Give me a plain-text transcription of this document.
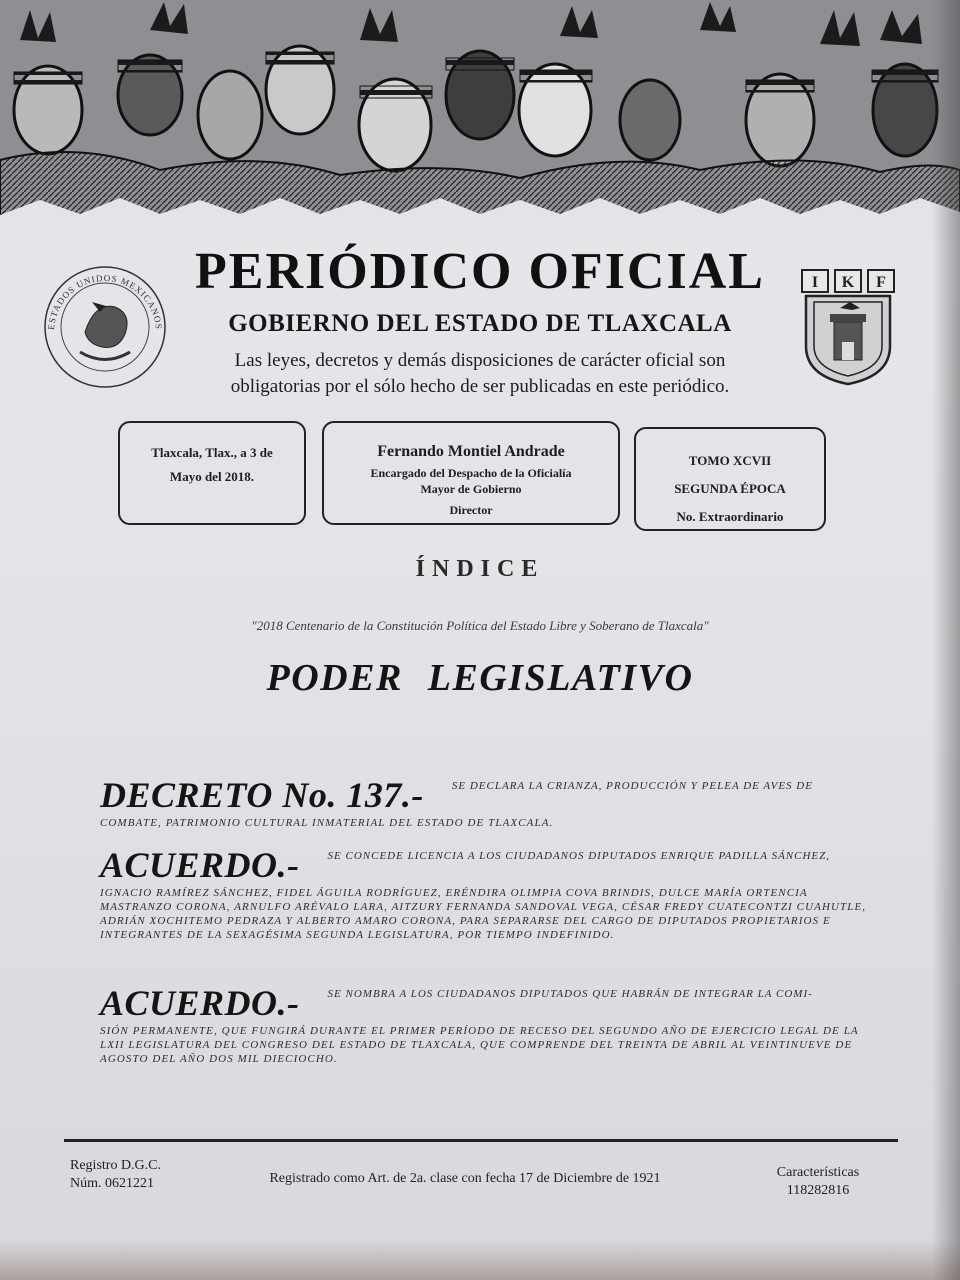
ESTADOS UNIDOS MEXICANOS
I K F
PERIÓDICO OFICIAL
GOBIERNO DEL ESTADO DE TLAXCALA
Las leyes, decretos y demás disposiciones de carácter oficial son
obligatorias por el sólo hecho de ser publicadas en este periódico.
Tlaxcala, Tlax., a 3 de Mayo del 2018.
Fernando Montiel Andrade
Encargado del Despacho de la Oficialía
Mayor de Gobierno
Director
TOMO XCVII
SEGUNDA ÉPOCA
No. Extraordinario
ÍNDICE
"2018 Centenario de la Constitución Política del Estado Libre y Soberano de Tlaxcala"
PODER LEGISLATIVO
DECRETO No. 137.-	SE DECLARA LA CRIANZA, PRODUCCIÓN Y PELEA DE AVES DE
COMBATE, PATRIMONIO CULTURAL INMATERIAL DEL ESTADO DE TLAXCALA.
ACUERDO.-	SE CONCEDE LICENCIA A LOS CIUDADANOS DIPUTADOS ENRIQUE PADILLA SÁNCHEZ,
IGNACIO RAMÍREZ SÁNCHEZ, FIDEL ÁGUILA RODRÍGUEZ, ERÉNDIRA OLIMPIA COVA BRINDIS, DULCE MARÍA ORTENCIA MASTRANZO CORONA, ARNULFO ARÉVALO LARA, AITZURY FERNANDA SANDOVAL VEGA, CÉSAR FREDY CUATECONTZI CUAHUTLE, ADRIÁN XOCHITEMO PEDRAZA Y ALBERTO AMARO CORONA, PARA SEPARARSE DEL CARGO DE DIPUTADOS PROPIETARIOS E INTEGRANTES DE LA SEXAGÉSIMA SEGUNDA LEGISLATURA, POR TIEMPO INDEFINIDO.
ACUERDO.-	SE NOMBRA A LOS CIUDADANOS DIPUTADOS QUE HABRÁN DE INTEGRAR LA COMI-
SIÓN PERMANENTE, QUE FUNGIRÁ DURANTE EL PRIMER PERÍODO DE RECESO DEL SEGUNDO AÑO DE EJERCICIO LEGAL DE LA LXII LEGISLATURA DEL CONGRESO DEL ESTADO DE TLAXCALA, QUE COMPRENDE DEL TREINTA DE ABRIL AL VEINTINUEVE DE AGOSTO DEL AÑO DOS MIL DIECIOCHO.
Registro D.G.C.
Núm. 0621221	Registrado como Art. de 2a. clase con fecha 17 de Diciembre de 1921	Características
118282816
